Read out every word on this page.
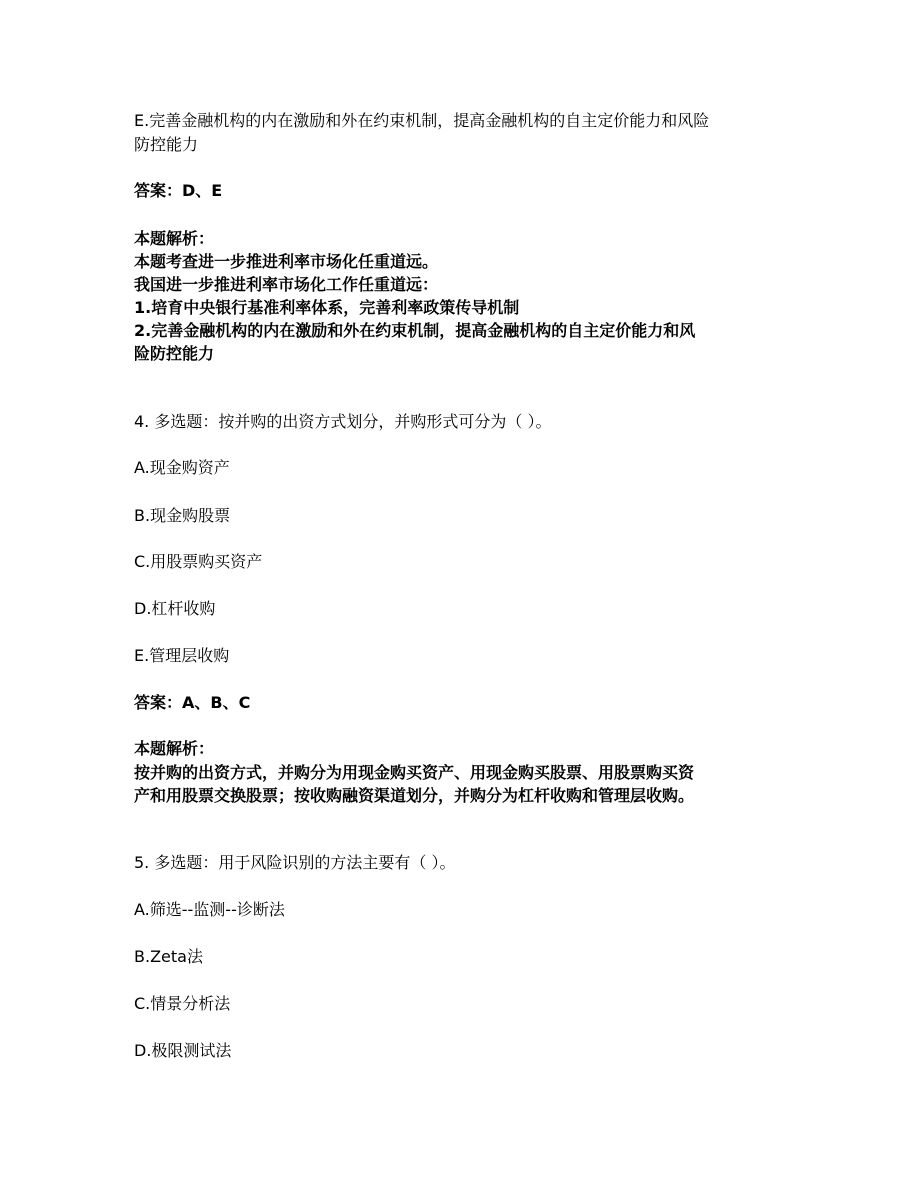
E.完善金融机构的内在激励和外在约束机制，提高金融机构的自主定价能力和风险
防控能力
答案：D、E
本题解析：
本题考查进一步推进利率市场化任重道远。
我国进一步推进利率市场化工作任重道远：
1.培育中央银行基准利率体系，完善利率政策传导机制
2.完善金融机构的内在激励和外在约束机制，提高金融机构的自主定价能力和风
险防控能力
4. 多选题：按并购的出资方式划分，并购形式可分为（ ）。
A.现金购资产
B.现金购股票
C.用股票购买资产
D.杠杆收购
E.管理层收购
答案：A、B、C
本题解析：
按并购的出资方式，并购分为用现金购买资产、用现金购买股票、用股票购买资
产和用股票交换股票；按收购融资渠道划分，并购分为杠杆收购和管理层收购。
5. 多选题：用于风险识别的方法主要有（ ）。
A.筛选--监测--诊断法
B.Zeta法
C.情景分析法
D.极限测试法
